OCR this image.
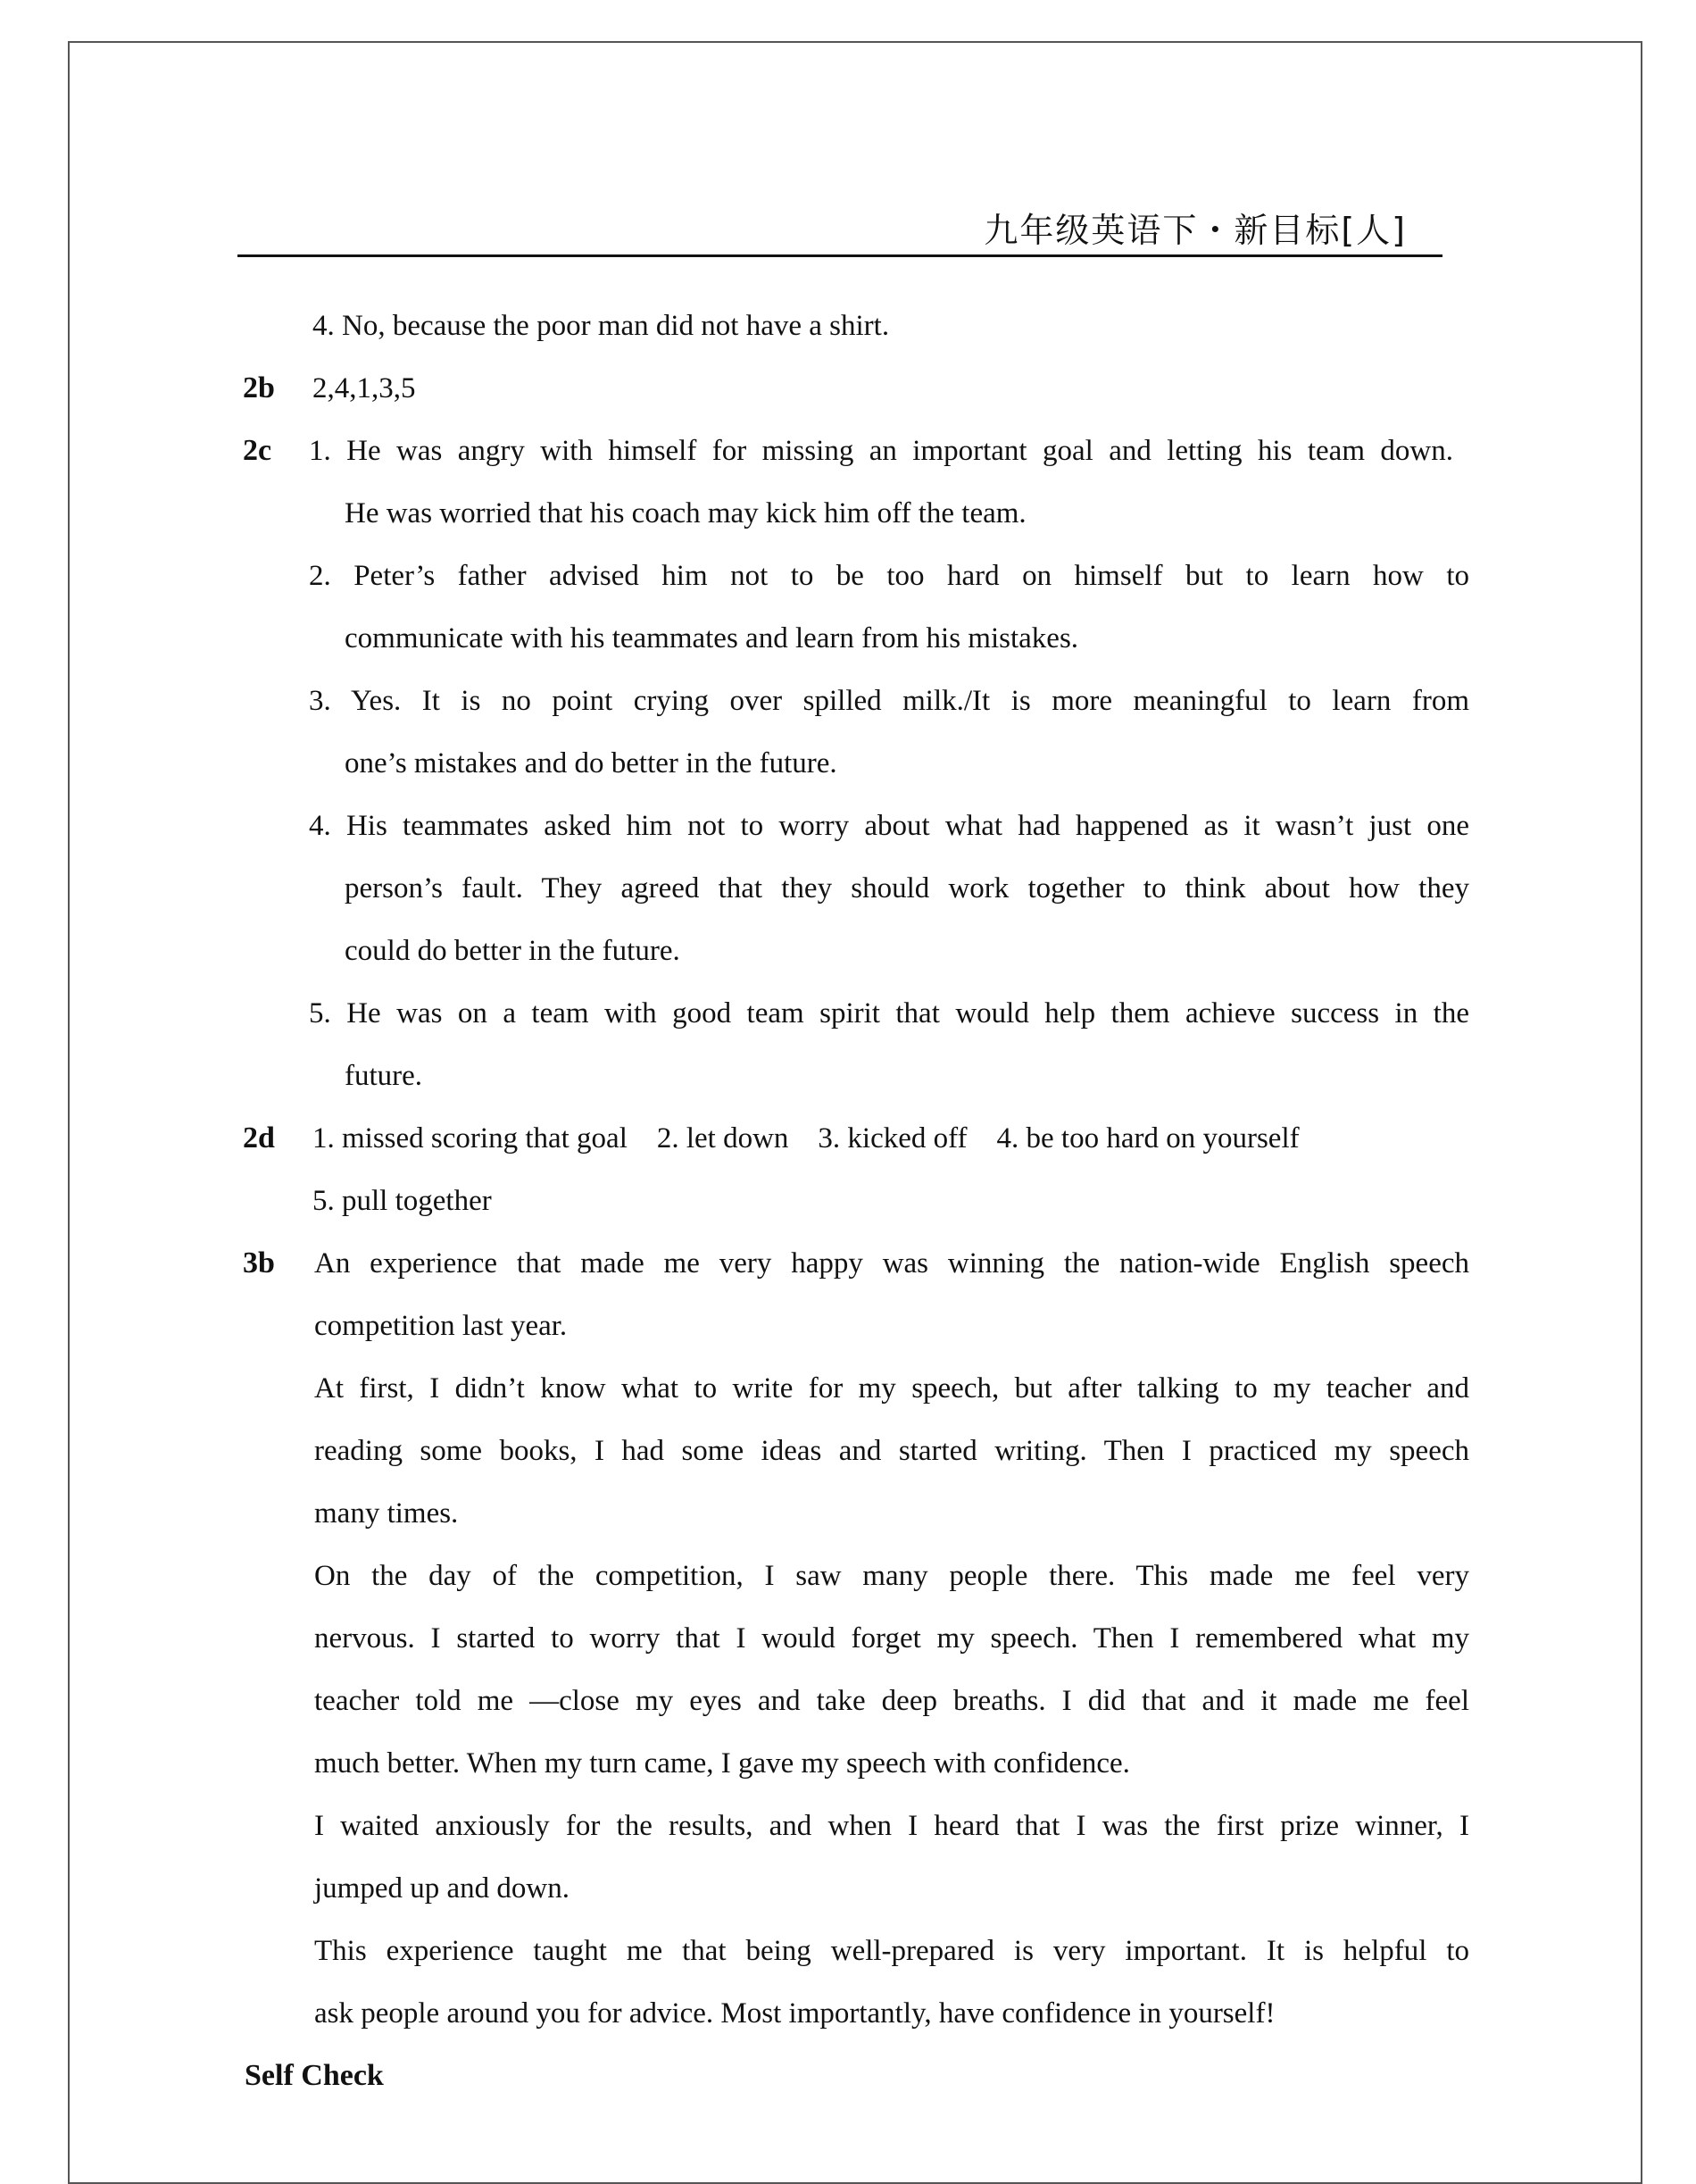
九年级英语下・新目标[人]
4. No, because the poor man did not have a shirt.
2b 2,4,1,3,5
2c 1. He was angry with himself for missing an important goal and letting his team down.
He was worried that his coach may kick him off the team.
2. Peter’s father advised him not to be too hard on himself but to learn how to
communicate with his teammates and learn from his mistakes.
3. Yes. It is no point crying over spilled milk./It is more meaningful to learn from
one’s mistakes and do better in the future.
4. His teammates asked him not to worry about what had happened as it wasn’t just one
person’s fault. They agreed that they should work together to think about how they
could do better in the future.
5. He was on a team with good team spirit that would help them achieve success in the
future.
2d 1. missed scoring that goal    2. let down    3. kicked off    4. be too hard on yourself
5. pull together
3b An experience that made me very happy was winning the nation-wide English speech
competition last year.
At first, I didn’t know what to write for my speech, but after talking to my teacher and
reading some books, I had some ideas and started writing. Then I practiced my speech
many times.
On the day of the competition, I saw many people there. This made me feel very
nervous. I started to worry that I would forget my speech. Then I remembered what my
teacher told me —close my eyes and take deep breaths. I did that and it made me feel
much better. When my turn came, I gave my speech with confidence.
I waited anxiously for the results, and when I heard that I was the first prize winner, I
jumped up and down.
This experience taught me that being well-prepared is very important. It is helpful to
ask people around you for advice. Most importantly, have confidence in yourself!
Self Check
